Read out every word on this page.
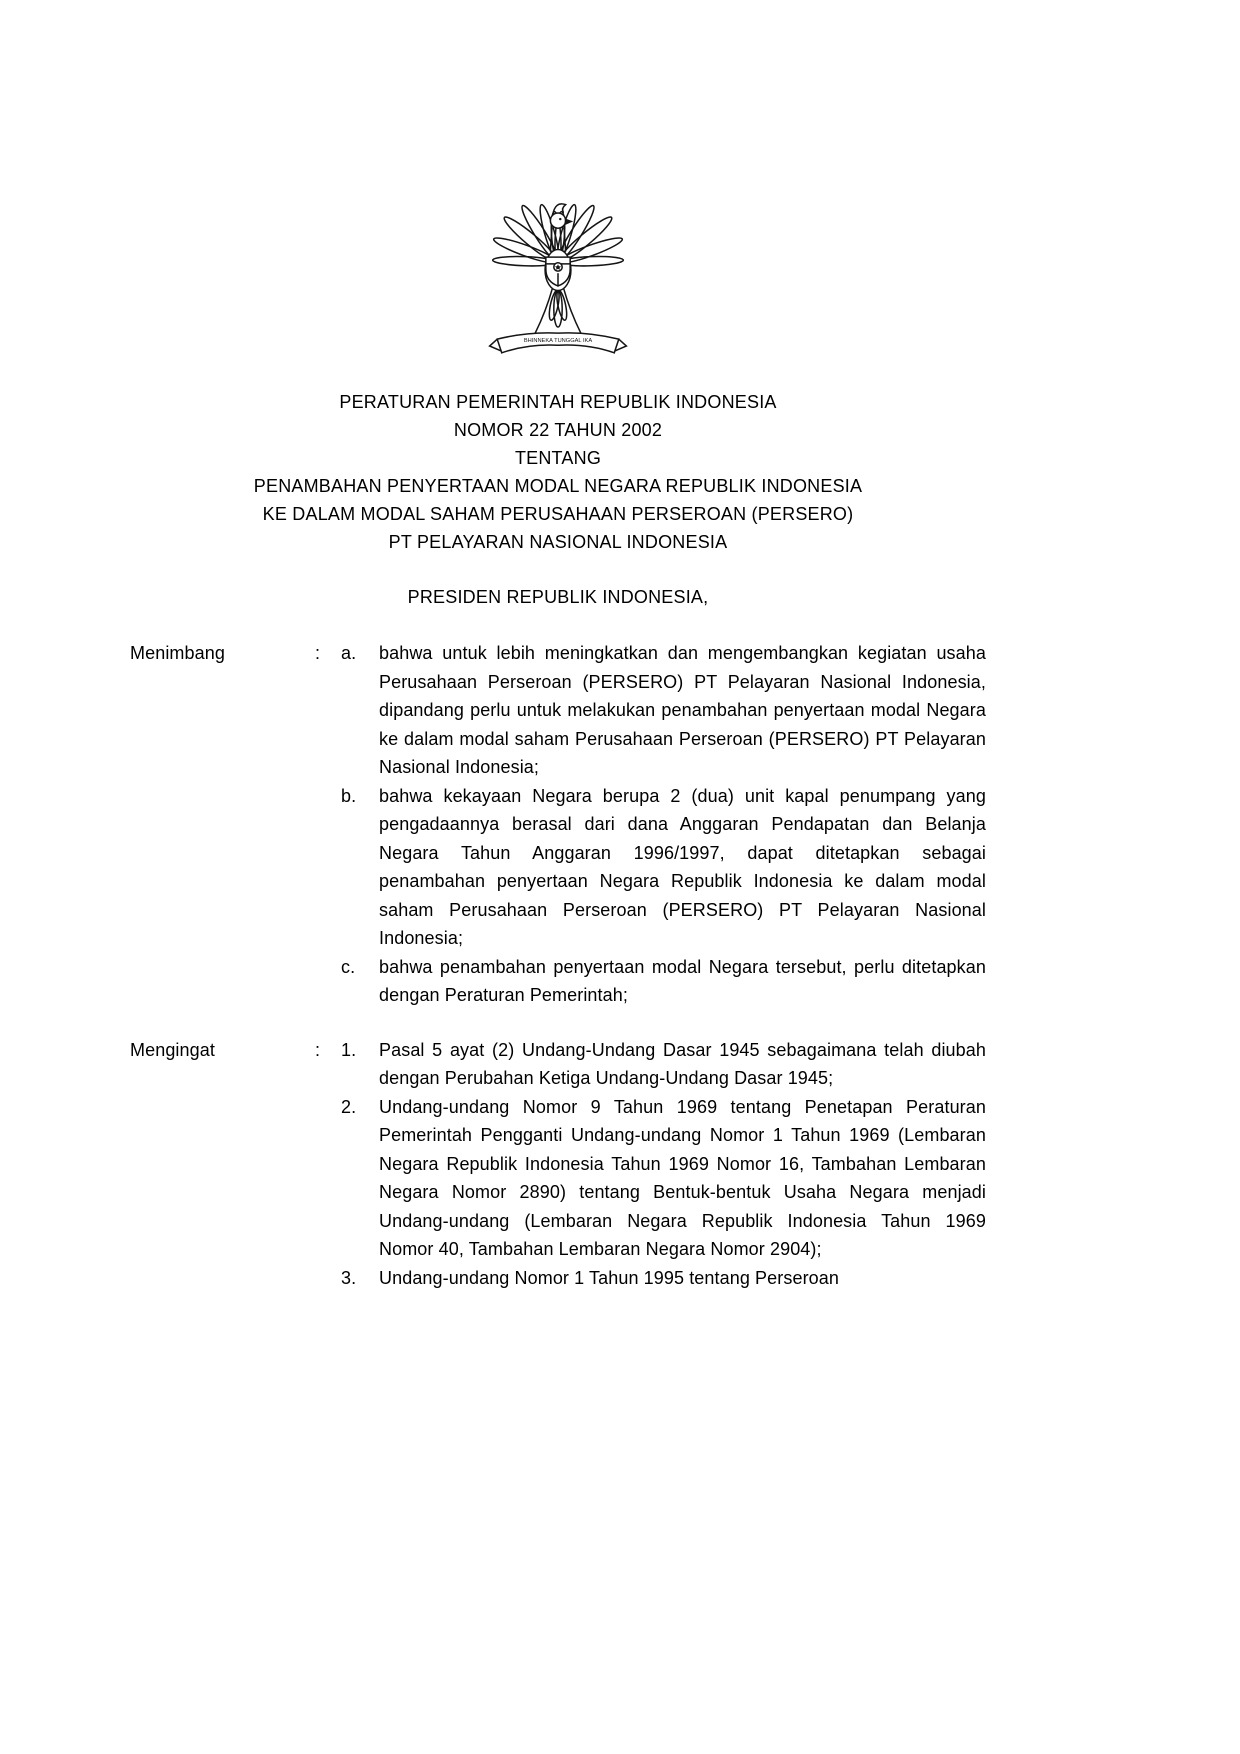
BHINNEKA TUNGGAL IKA
PERATURAN PEMERINTAH REPUBLIK INDONESIA
NOMOR 22 TAHUN 2002
TENTANG
PENAMBAHAN PENYERTAAN MODAL NEGARA REPUBLIK INDONESIA
KE DALAM MODAL SAHAM PERUSAHAAN PERSEROAN (PERSERO)
PT PELAYARAN NASIONAL INDONESIA
PRESIDEN REPUBLIK INDONESIA,
Menimbang	:	a.	bahwa untuk lebih meningkatkan dan mengembangkan kegiatan usaha Perusahaan Perseroan (PERSERO) PT Pelayaran Nasional Indonesia, dipandang perlu untuk melakukan penambahan penyertaan modal Negara ke dalam modal saham Perusahaan Perseroan (PERSERO) PT Pelayaran Nasional Indonesia;
b.	bahwa kekayaan Negara berupa 2 (dua) unit kapal penumpang yang pengadaannya berasal dari dana Anggaran Pendapatan dan Belanja Negara Tahun Anggaran 1996/1997, dapat ditetapkan sebagai penambahan penyertaan Negara Republik Indonesia ke dalam modal saham Perusahaan Perseroan (PERSERO) PT Pelayaran Nasional Indonesia;
c.	bahwa penambahan penyertaan modal Negara tersebut, perlu ditetapkan dengan Peraturan Pemerintah;
Mengingat	:	1.	Pasal 5 ayat (2) Undang-Undang Dasar 1945 sebagaimana telah diubah dengan Perubahan Ketiga Undang-Undang Dasar 1945;
2.	Undang-undang Nomor 9 Tahun 1969 tentang Penetapan Peraturan Pemerintah Pengganti Undang-undang Nomor 1 Tahun 1969 (Lembaran Negara Republik Indonesia Tahun 1969 Nomor 16, Tambahan Lembaran Negara Nomor 2890) tentang Bentuk-bentuk Usaha Negara menjadi Undang-undang (Lembaran Negara Republik Indonesia Tahun 1969 Nomor 40, Tambahan Lembaran Negara Nomor 2904);
3.	Undang-undang Nomor 1 Tahun 1995 tentang Perseroan
